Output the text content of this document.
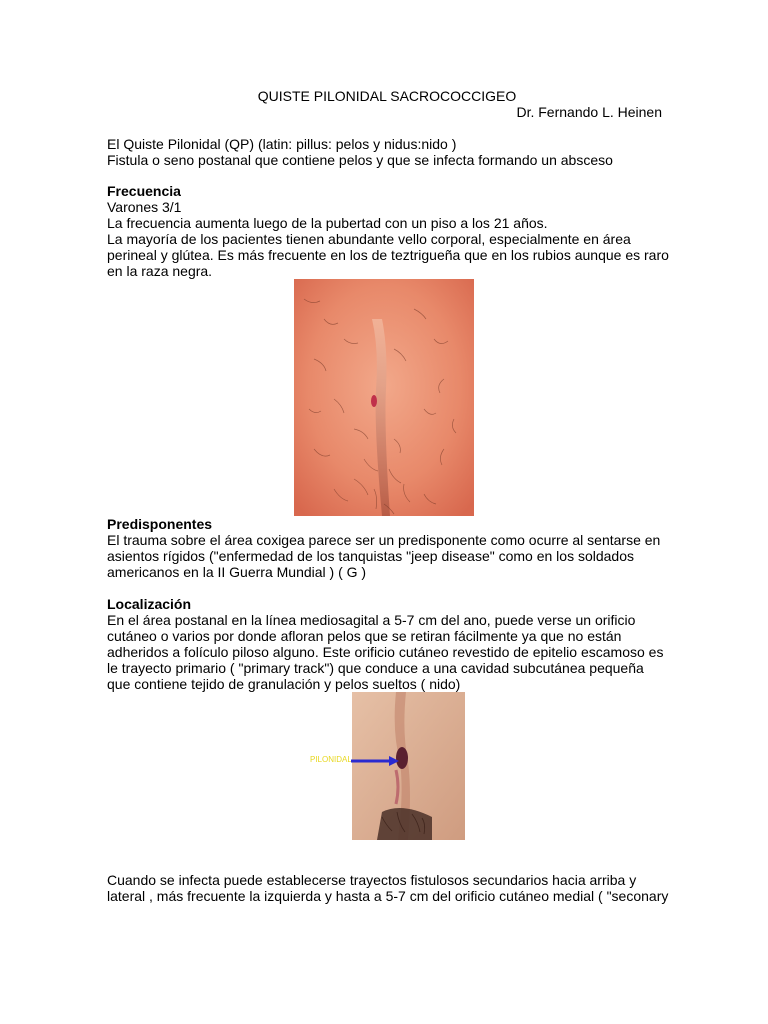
QUISTE PILONIDAL SACROCOCCIGEO
Dr. Fernando L. Heinen
El Quiste Pilonidal (QP) (latin: pillus: pelos y nidus:nido )
Fistula o seno postanal que contiene pelos y que se infecta formando un absceso
Frecuencia
Varones 3/1
La frecuencia aumenta luego de la pubertad con un piso a los 21 años.
La mayoría de los pacientes tienen abundante vello corporal, especialmente en área
perineal y glútea. Es más frecuente en los de teztrigueña que en los rubios aunque es raro
en la raza negra.
Predisponentes
El trauma sobre el área coxigea parece ser un predisponente como ocurre al sentarse en
asientos rígidos ("enfermedad de los tanquistas "jeep disease" como en los soldados
americanos en la II Guerra Mundial ) ( G )
Localización
En el área postanal en la línea mediosagital a 5-7 cm del ano, puede verse un orificio
cutáneo o varios por donde afloran pelos que se retiran fácilmente ya que no están
adheridos a folículo piloso alguno. Este orificio cutáneo revestido de epitelio escamoso es
le trayecto primario ( "primary track") que conduce a una cavidad subcutánea pequeña
que contiene tejido de granulación y pelos sueltos ( nido)
PILONIDAL
Cuando se infecta puede establecerse trayectos fistulosos secundarios hacia arriba y
lateral , más frecuente la izquierda y hasta a 5-7 cm del orificio cutáneo medial ( "seconary
